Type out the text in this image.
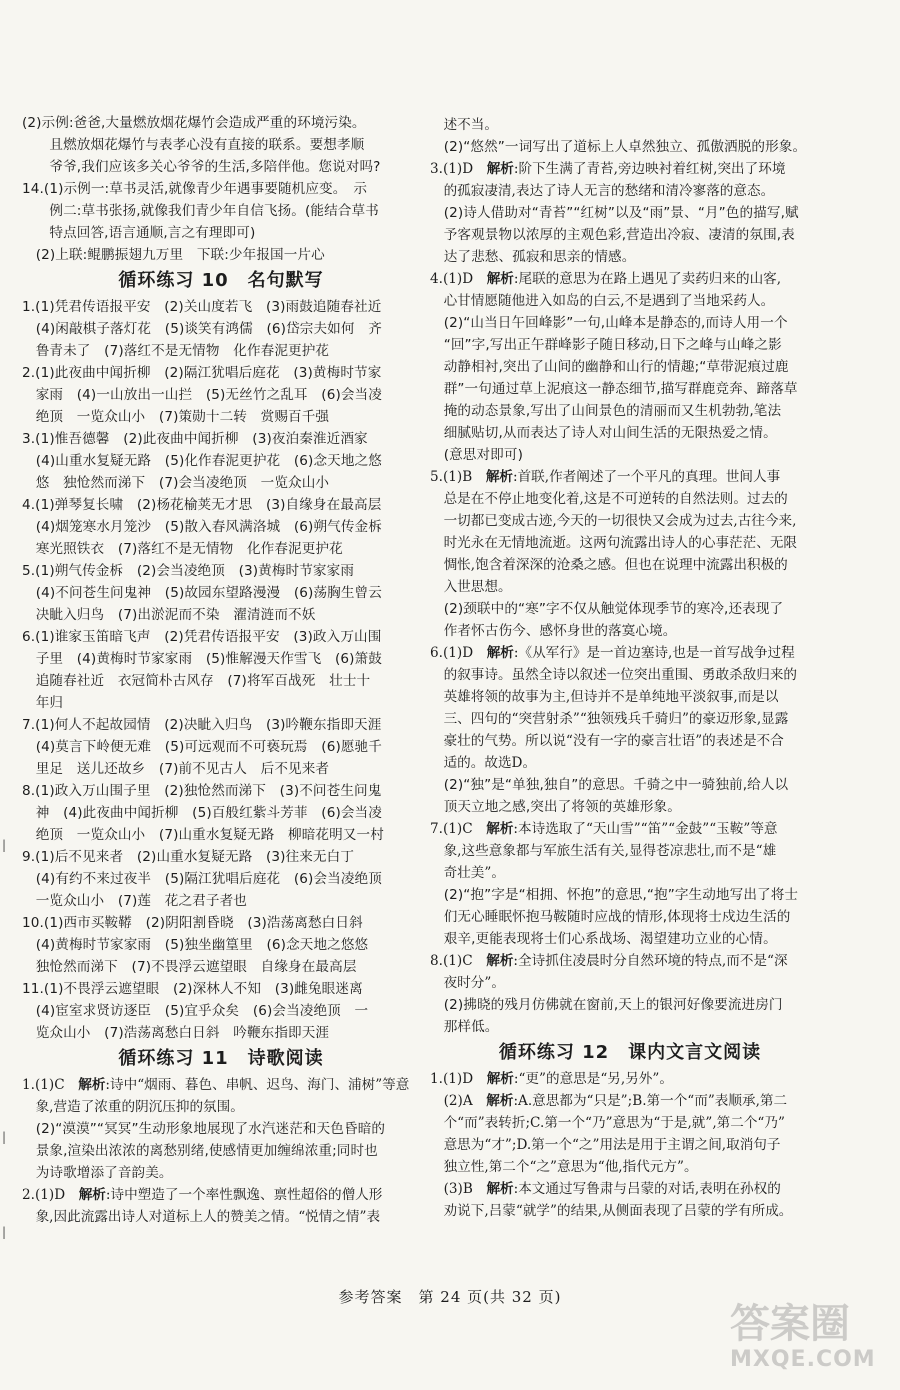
(2)示例:爸爸,大量燃放烟花爆竹会造成严重的环境污染。
　　且燃放烟花爆竹与表孝心没有直接的联系。要想孝顺
　　爷爷,我们应该多关心爷爷的生活,多陪伴他。您说对吗?
14.(1)示例一:草书灵活,就像青少年遇事要随机应变。　示
　　例二:草书张扬,就像我们青少年自信飞扬。(能结合草书
　　特点回答,语言通顺,言之有理即可)
　(2)上联:鲲鹏振翅九万里　下联:少年报国一片心
循环练习 10　名句默写
1.(1)凭君传语报平安　(2)关山度若飞　(3)雨鼓追随春社近
　(4)闲敲棋子落灯花　(5)谈笑有鸿儒　(6)岱宗夫如何　齐
　鲁青未了　(7)落红不是无情物　化作春泥更护花
2.(1)此夜曲中闻折柳　(2)隔江犹唱后庭花　(3)黄梅时节家
　家雨　(4)一山放出一山拦　(5)无丝竹之乱耳　(6)会当凌
　绝顶　一览众山小　(7)策勋十二转　赏赐百千强
3.(1)惟吾德馨　(2)此夜曲中闻折柳　(3)夜泊秦淮近酒家
　(4)山重水复疑无路　(5)化作春泥更护花　(6)念天地之悠
　悠　独怆然而涕下　(7)会当凌绝顶　一览众山小
4.(1)弹琴复长啸　(2)杨花榆荚无才思　(3)自缘身在最高层
　(4)烟笼寒水月笼沙　(5)散入春风满洛城　(6)朔气传金柝
　寒光照铁衣　(7)落红不是无情物　化作春泥更护花
5.(1)朔气传金柝　(2)会当凌绝顶　(3)黄梅时节家家雨
　(4)不问苍生问鬼神　(5)故园东望路漫漫　(6)荡胸生曾云
　决眦入归鸟　(7)出淤泥而不染　濯清涟而不妖
6.(1)谁家玉笛暗飞声　(2)凭君传语报平安　(3)政入万山围
　子里　(4)黄梅时节家家雨　(5)惟解漫天作雪飞　(6)箫鼓
　追随春社近　衣冠简朴古风存　(7)将军百战死　壮士十
　年归
7.(1)何人不起故园情　(2)决眦入归鸟　(3)吟鞭东指即天涯
　(4)莫言下岭便无难　(5)可远观而不可亵玩焉　(6)愿驰千
　里足　送儿还故乡　(7)前不见古人　后不见来者
8.(1)政入万山围子里　(2)独怆然而涕下　(3)不问苍生问鬼
　神　(4)此夜曲中闻折柳　(5)百般红紫斗芳菲　(6)会当凌
　绝顶　一览众山小　(7)山重水复疑无路　柳暗花明又一村
9.(1)后不见来者　(2)山重水复疑无路　(3)往来无白丁
　(4)有约不来过夜半　(5)隔江犹唱后庭花　(6)会当凌绝顶
　一览众山小　(7)莲　花之君子者也
10.(1)西市买鞍鞯　(2)阴阳割昏晓　(3)浩荡离愁白日斜
　(4)黄梅时节家家雨　(5)独坐幽篁里　(6)念天地之悠悠
　独怆然而涕下　(7)不畏浮云遮望眼　自缘身在最高层
11.(1)不畏浮云遮望眼　(2)深林人不知　(3)雌兔眼迷离
　(4)宦室求贤访逐臣　(5)宜乎众矣　(6)会当凌绝顶　一
　览众山小　(7)浩荡离愁白日斜　吟鞭东指即天涯
循环练习 11　诗歌阅读
1.(1)C　解析:诗中“烟雨、暮色、串帆、迟鸟、海门、浦树”等意
　象,营造了浓重的阴沉压抑的氛围。
　(2)“漠漠”“冥冥”生动形象地展现了水汽迷茫和天色昏暗的
　景象,渲染出浓浓的离愁别绪,使感情更加缠绵浓重;同时也
　为诗歌增添了音韵美。
2.(1)D　解析:诗中塑造了一个率性飘逸、禀性超俗的僧人形
　象,因此流露出诗人对道标上人的赞美之情。“悦情之情”表
　述不当。
　(2)“悠然”一词写出了道标上人卓然独立、孤傲洒脱的形象。
3.(1)D　解析:阶下生满了青苔,旁边映衬着红树,突出了环境
　的孤寂凄清,表达了诗人无言的愁绪和清冷寥落的意态。
　(2)诗人借助对“青苔”“红树”以及“雨”景、“月”色的描写,赋
　予客观景物以浓厚的主观色彩,营造出冷寂、凄清的氛围,表
　达了悲愁、孤寂和思亲的情感。
4.(1)D　解析:尾联的意思为在路上遇见了卖药归来的山客,
　心甘情愿随他进入如岛的白云,不是遇到了当地采药人。
　(2)“山当日午回峰影”一句,山峰本是静态的,而诗人用一个
　“回”字,写出正午群峰影子随日移动,日下之峰与山峰之影
　动静相衬,突出了山间的幽静和山行的情趣;“草带泥痕过鹿
　群”一句通过草上泥痕这一静态细节,描写群鹿竞奔、蹄落草
　掩的动态景象,写出了山间景色的清丽而又生机勃勃,笔法
　细腻贴切,从而表达了诗人对山间生活的无限热爱之情。
　(意思对即可)
5.(1)B　解析:首联,作者阐述了一个平凡的真理。世间人事
　总是在不停止地变化着,这是不可逆转的自然法则。过去的
　一切都已变成古迹,今天的一切很快又会成为过去,古往今来,
　时光永在无情地流逝。这两句流露出诗人的心事茫茫、无限
　惆怅,饱含着深深的沧桑之感。但也在说理中流露出积极的
　入世思想。
　(2)颈联中的“寒”字不仅从触觉体现季节的寒冷,还表现了
　作者怀古伤今、感怀身世的落寞心境。
6.(1)D　解析:《从军行》是一首边塞诗,也是一首写战争过程
　的叙事诗。虽然全诗以叙述一位突出重围、勇敢杀敌归来的
　英雄将领的故事为主,但诗并不是单纯地平淡叙事,而是以
　三、四句的“突营射杀”“独领残兵千骑归”的豪迈形象,显露
　豪壮的气势。所以说“没有一字的豪言壮语”的表述是不合
　适的。故选D。
　(2)“独”是“单独,独自”的意思。千骑之中一骑独前,给人以
　顶天立地之感,突出了将领的英雄形象。
7.(1)C　解析:本诗选取了“天山雪”“笛”“金鼓”“玉鞍”等意
　象,这些意象都与军旅生活有关,显得苍凉悲壮,而不是“雄
　奇壮美”。
　(2)“抱”字是“相拥、怀抱”的意思,“抱”字生动地写出了将士
　们无心睡眠怀抱马鞍随时应战的情形,体现将士戍边生活的
　艰辛,更能表现将士们心系战场、渴望建功立业的心情。
8.(1)C　解析:全诗抓住凌晨时分自然环境的特点,而不是“深
　夜时分”。
　(2)拂晓的残月仿佛就在窗前,天上的银河好像要流进房门
　那样低。
循环练习 12　课内文言文阅读
1.(1)D　解析:“更”的意思是“另,另外”。
　(2)A　解析:A.意思都为“只是”;B.第一个“而”表顺承,第二
　个“而”表转折;C.第一个“乃”意思为“于是,就”,第二个“乃”
　意思为“才”;D.第一个“之”用法是用于主谓之间,取消句子
　独立性,第二个“之”意思为“他,指代元方”。
　(3)B　解析:本文通过写鲁肃与吕蒙的对话,表明在孙权的
　劝说下,吕蒙“就学”的结果,从侧面表现了吕蒙的学有所成。
|
|
|
参考答案　第 24 页(共 32 页)
答案圈
MXQE.COM
